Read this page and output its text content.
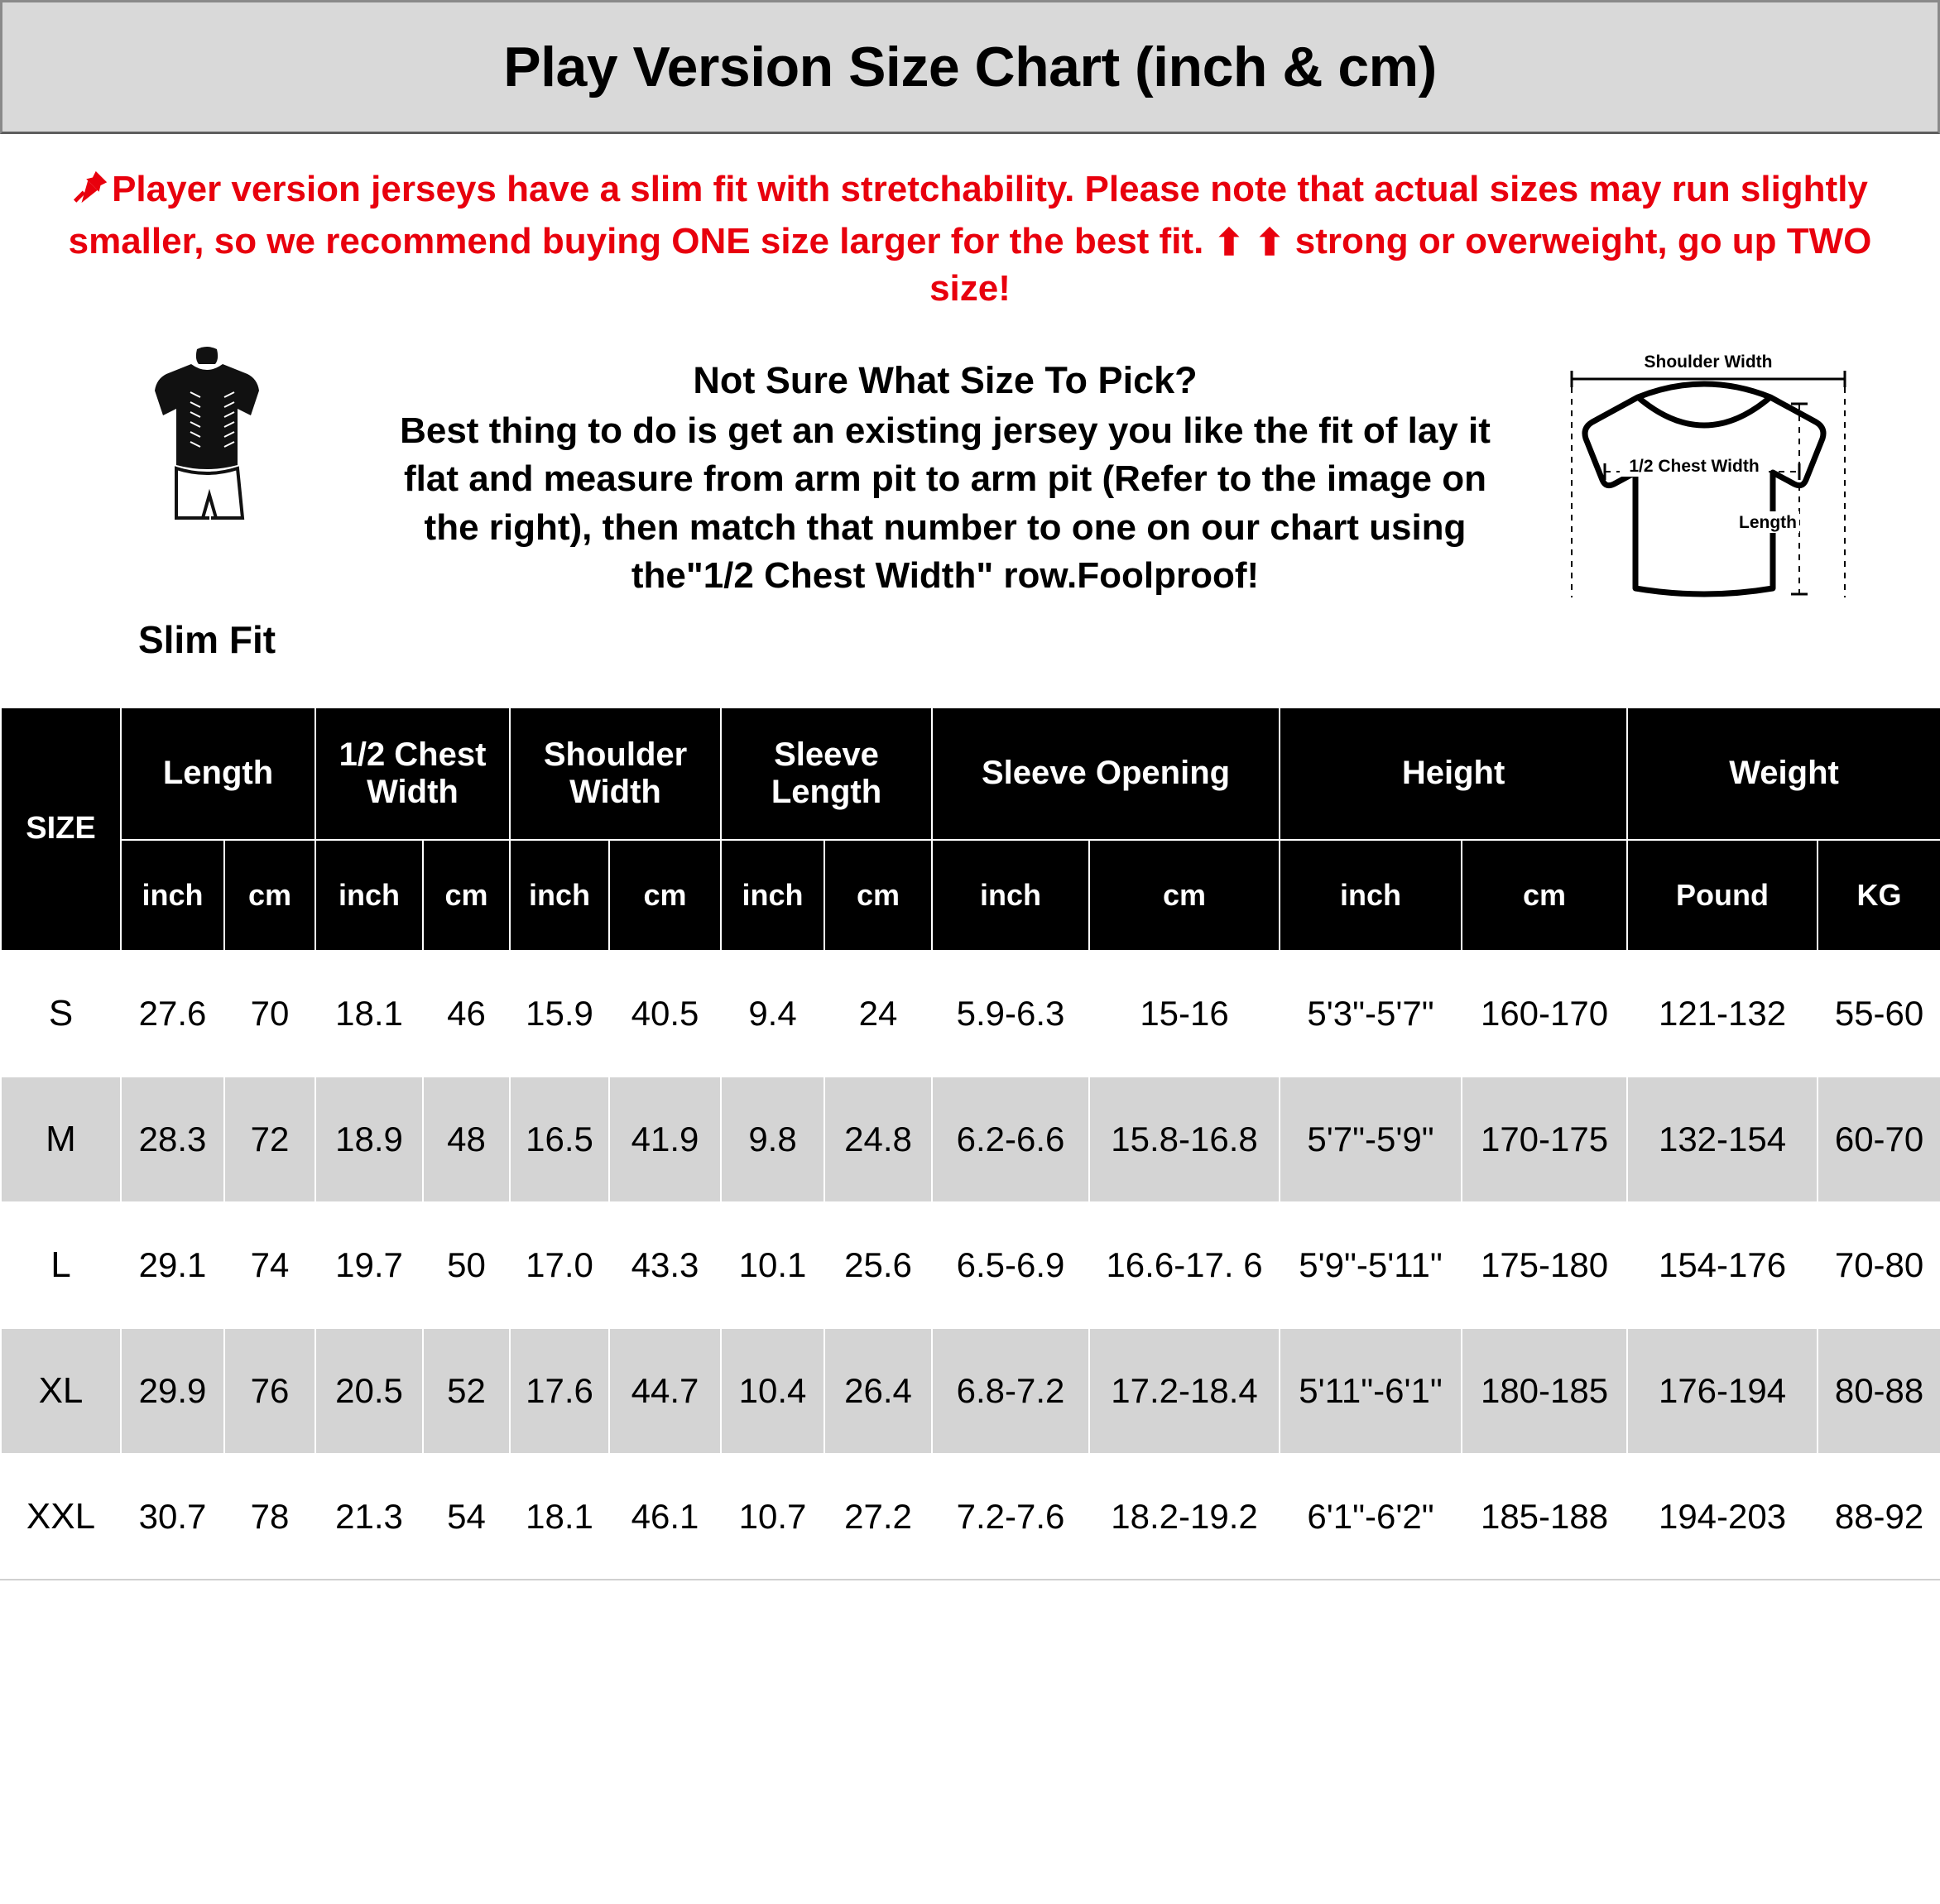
Play Version Size Chart (inch & cm)
Player version jerseys have a slim fit with stretchability. Please note that actual sizes may run slightly smaller, so we recommend buying ONE size larger for the best fit. ⬆ ⬆ strong or overweight, go up TWO size!
Slim Fit
Not Sure What Size To Pick?
Best thing to do is get an existing jersey you like the fit of lay it flat and measure from arm pit to arm pit (Refer to the image on the right), then match that number to one on our chart using the"1/2 Chest Width" row.Foolproof!
Shoulder Width
1/2 Chest Width
Length
SIZE	Length		1/2 Chest Width		Shoulder Width		Sleeve Length		Sleeve Opening		Height		Weight	
	inch	cm	inch	cm	inch	cm	inch	cm	inch	cm	inch	cm	Pound	KG
S	27.6	70	18.1	46	15.9	40.5	9.4	24	5.9-6.3	15-16	5'3"-5'7"	160-170	121-132	55-60
M	28.3	72	18.9	48	16.5	41.9	9.8	24.8	6.2-6.6	15.8-16.8	5'7"-5'9"	170-175	132-154	60-70
L	29.1	74	19.7	50	17.0	43.3	10.1	25.6	6.5-6.9	16.6-17. 6	5'9"-5'11"	175-180	154-176	70-80
XL	29.9	76	20.5	52	17.6	44.7	10.4	26.4	6.8-7.2	17.2-18.4	5'11"-6'1"	180-185	176-194	80-88
XXL	30.7	78	21.3	54	18.1	46.1	10.7	27.2	7.2-7.6	18.2-19.2	6'1"-6'2"	185-188	194-203	88-92
